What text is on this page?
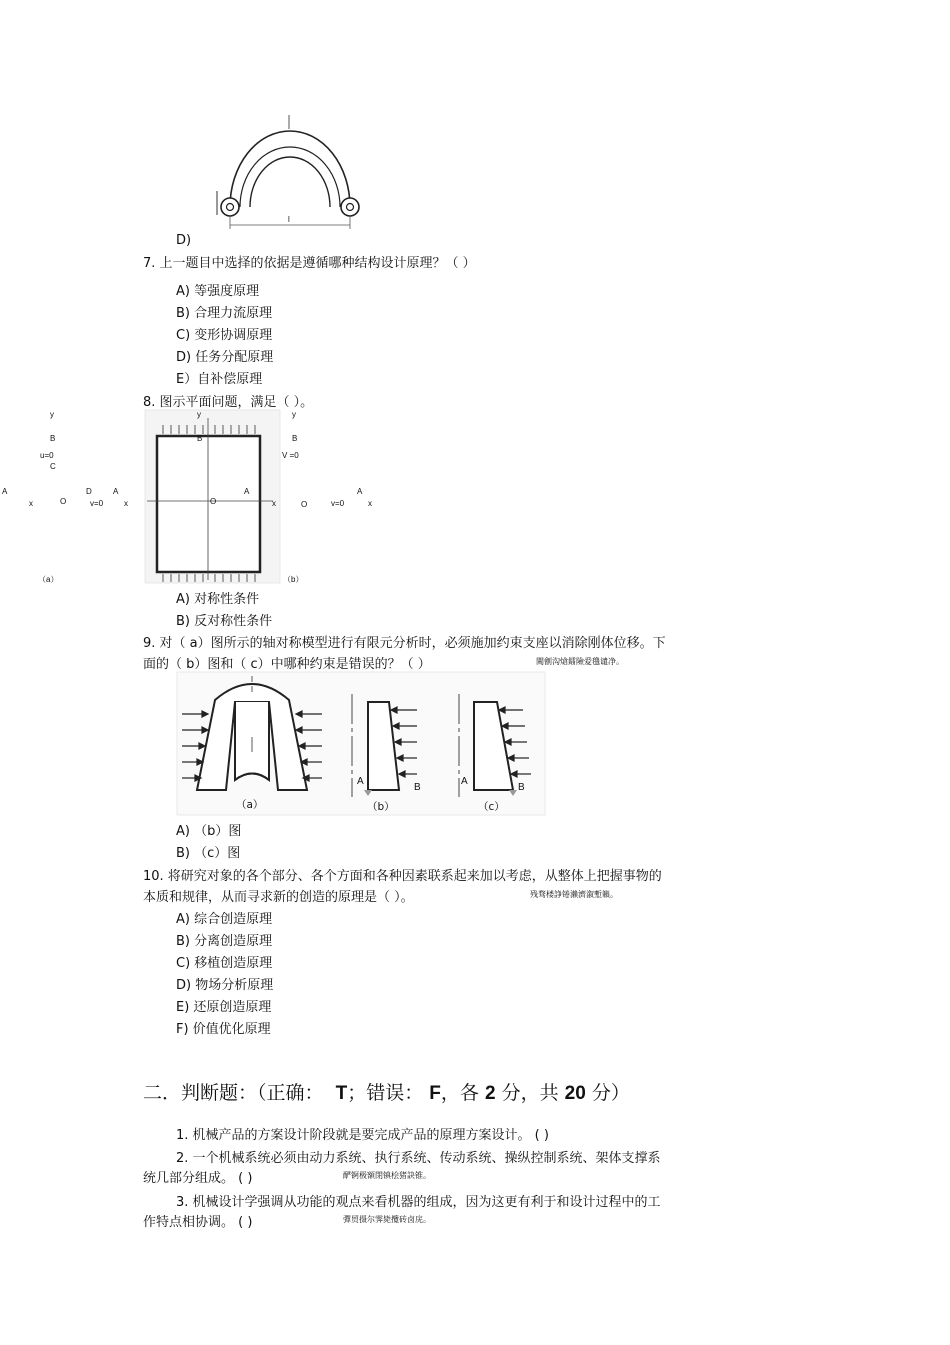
l
D)
7. 上一题目中选择的依据是遵循哪种结构设计原理？（ ）
A) 等强度原理
B) 合理力流原理
C) 变形协调原理
D) 任务分配原理
E）自补偿原理
8. 图示平面问题，满足（ ）。
y
B
u=0
C
A
x	O
D	A
v=0	x
（a）
y
B
O
A
x
（b）
y
B
V =0
O	v=0
A
x
A) 对称性条件
B) 反对称性条件
9. 对（ a）图所示的轴对称模型进行有限元分析时，必须施加约束支座以消除刚体位移。下
面的（ b）图和（ c）中哪种约束是错误的？（ ）	闖劊沟熗鐳險爱氇谴净。
A
B
A
B
（a）	（b）	（c）
A) （b）图
B) （c）图
10. 将研究对象的各个部分、各个方面和各种因素联系起来加以考虑，从整体上把握事物的
本质和规律，从而寻求新的创造的原理是（ ）。	残骛楼諍锩瀨濟溆塹籟。
A) 综合创造原理
B) 分离创造原理
C) 移植创造原理
D) 物场分析原理
E) 还原创造原理
F) 价值优化原理
二．判断题：（正确： T；错误： F，各 2 分，共 20 分）
1. 机械产品的方案设计阶段就是要完成产品的原理方案设计。 ( )
2. 一个机械系统必须由动力系统、执行系统、传动系统、操纵控制系统、架体支撑系
统几部分组成。 ( )	酽锕极額閉镇桧猪訣锥。
3. 机械设计学强调从功能的观点来看机器的组成，因为这更有利于和设计过程中的工
作特点相协调。 ( )	彈贸摄尔霁毙攬砖卤庑。
